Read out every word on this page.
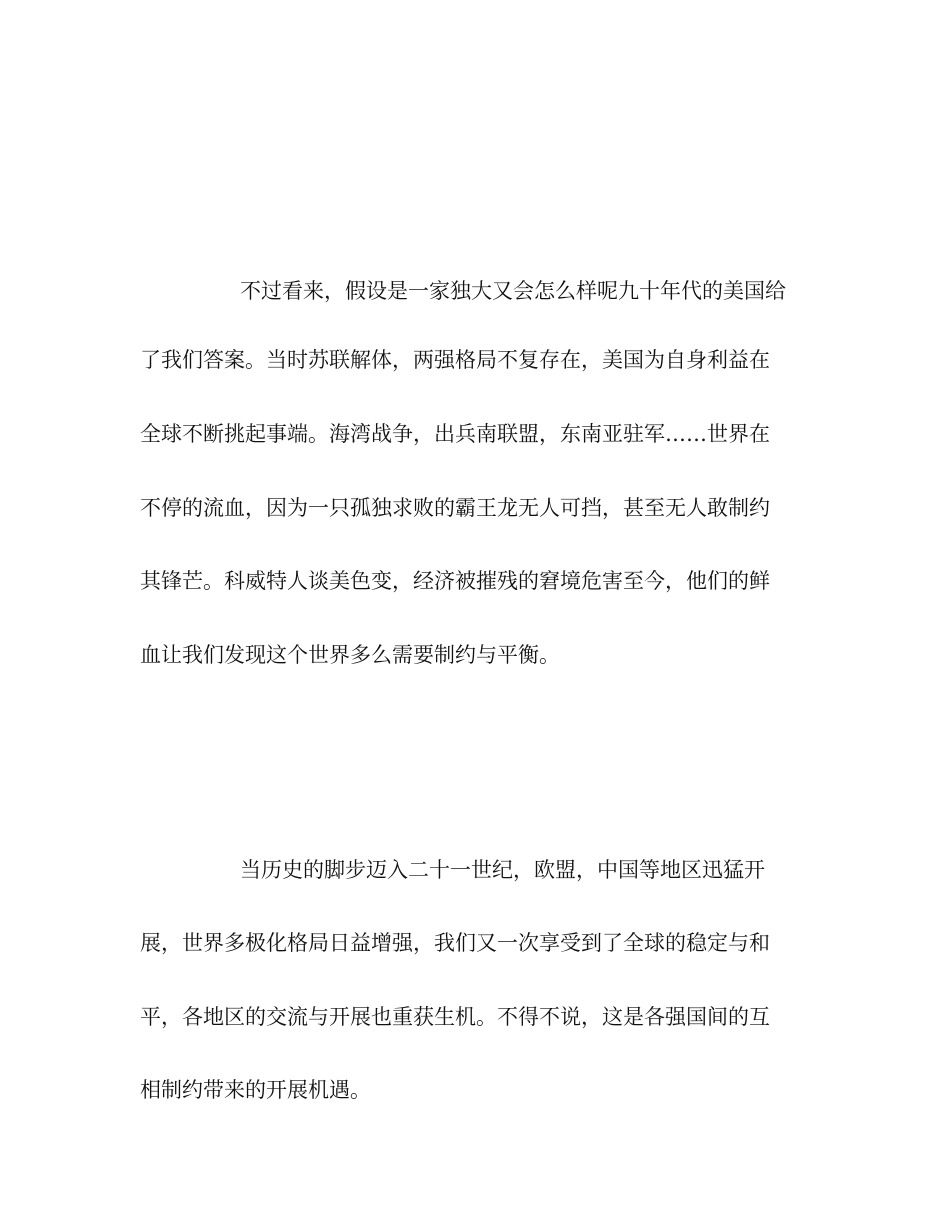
不过看来，假设是一家独大又会怎么样呢九十年代的美国给
了我们答案。当时苏联解体，两强格局不复存在，美国为自身利益在
全球不断挑起事端。海湾战争，出兵南联盟，东南亚驻军……世界在
不停的流血，因为一只孤独求败的霸王龙无人可挡，甚至无人敢制约
其锋芒。科威特人谈美色变，经济被摧残的窘境危害至今，他们的鲜
血让我们发现这个世界多么需要制约与平衡。
当历史的脚步迈入二十一世纪，欧盟，中国等地区迅猛开
展，世界多极化格局日益增强，我们又一次享受到了全球的稳定与和
平，各地区的交流与开展也重获生机。不得不说，这是各强国间的互
相制约带来的开展机遇。
